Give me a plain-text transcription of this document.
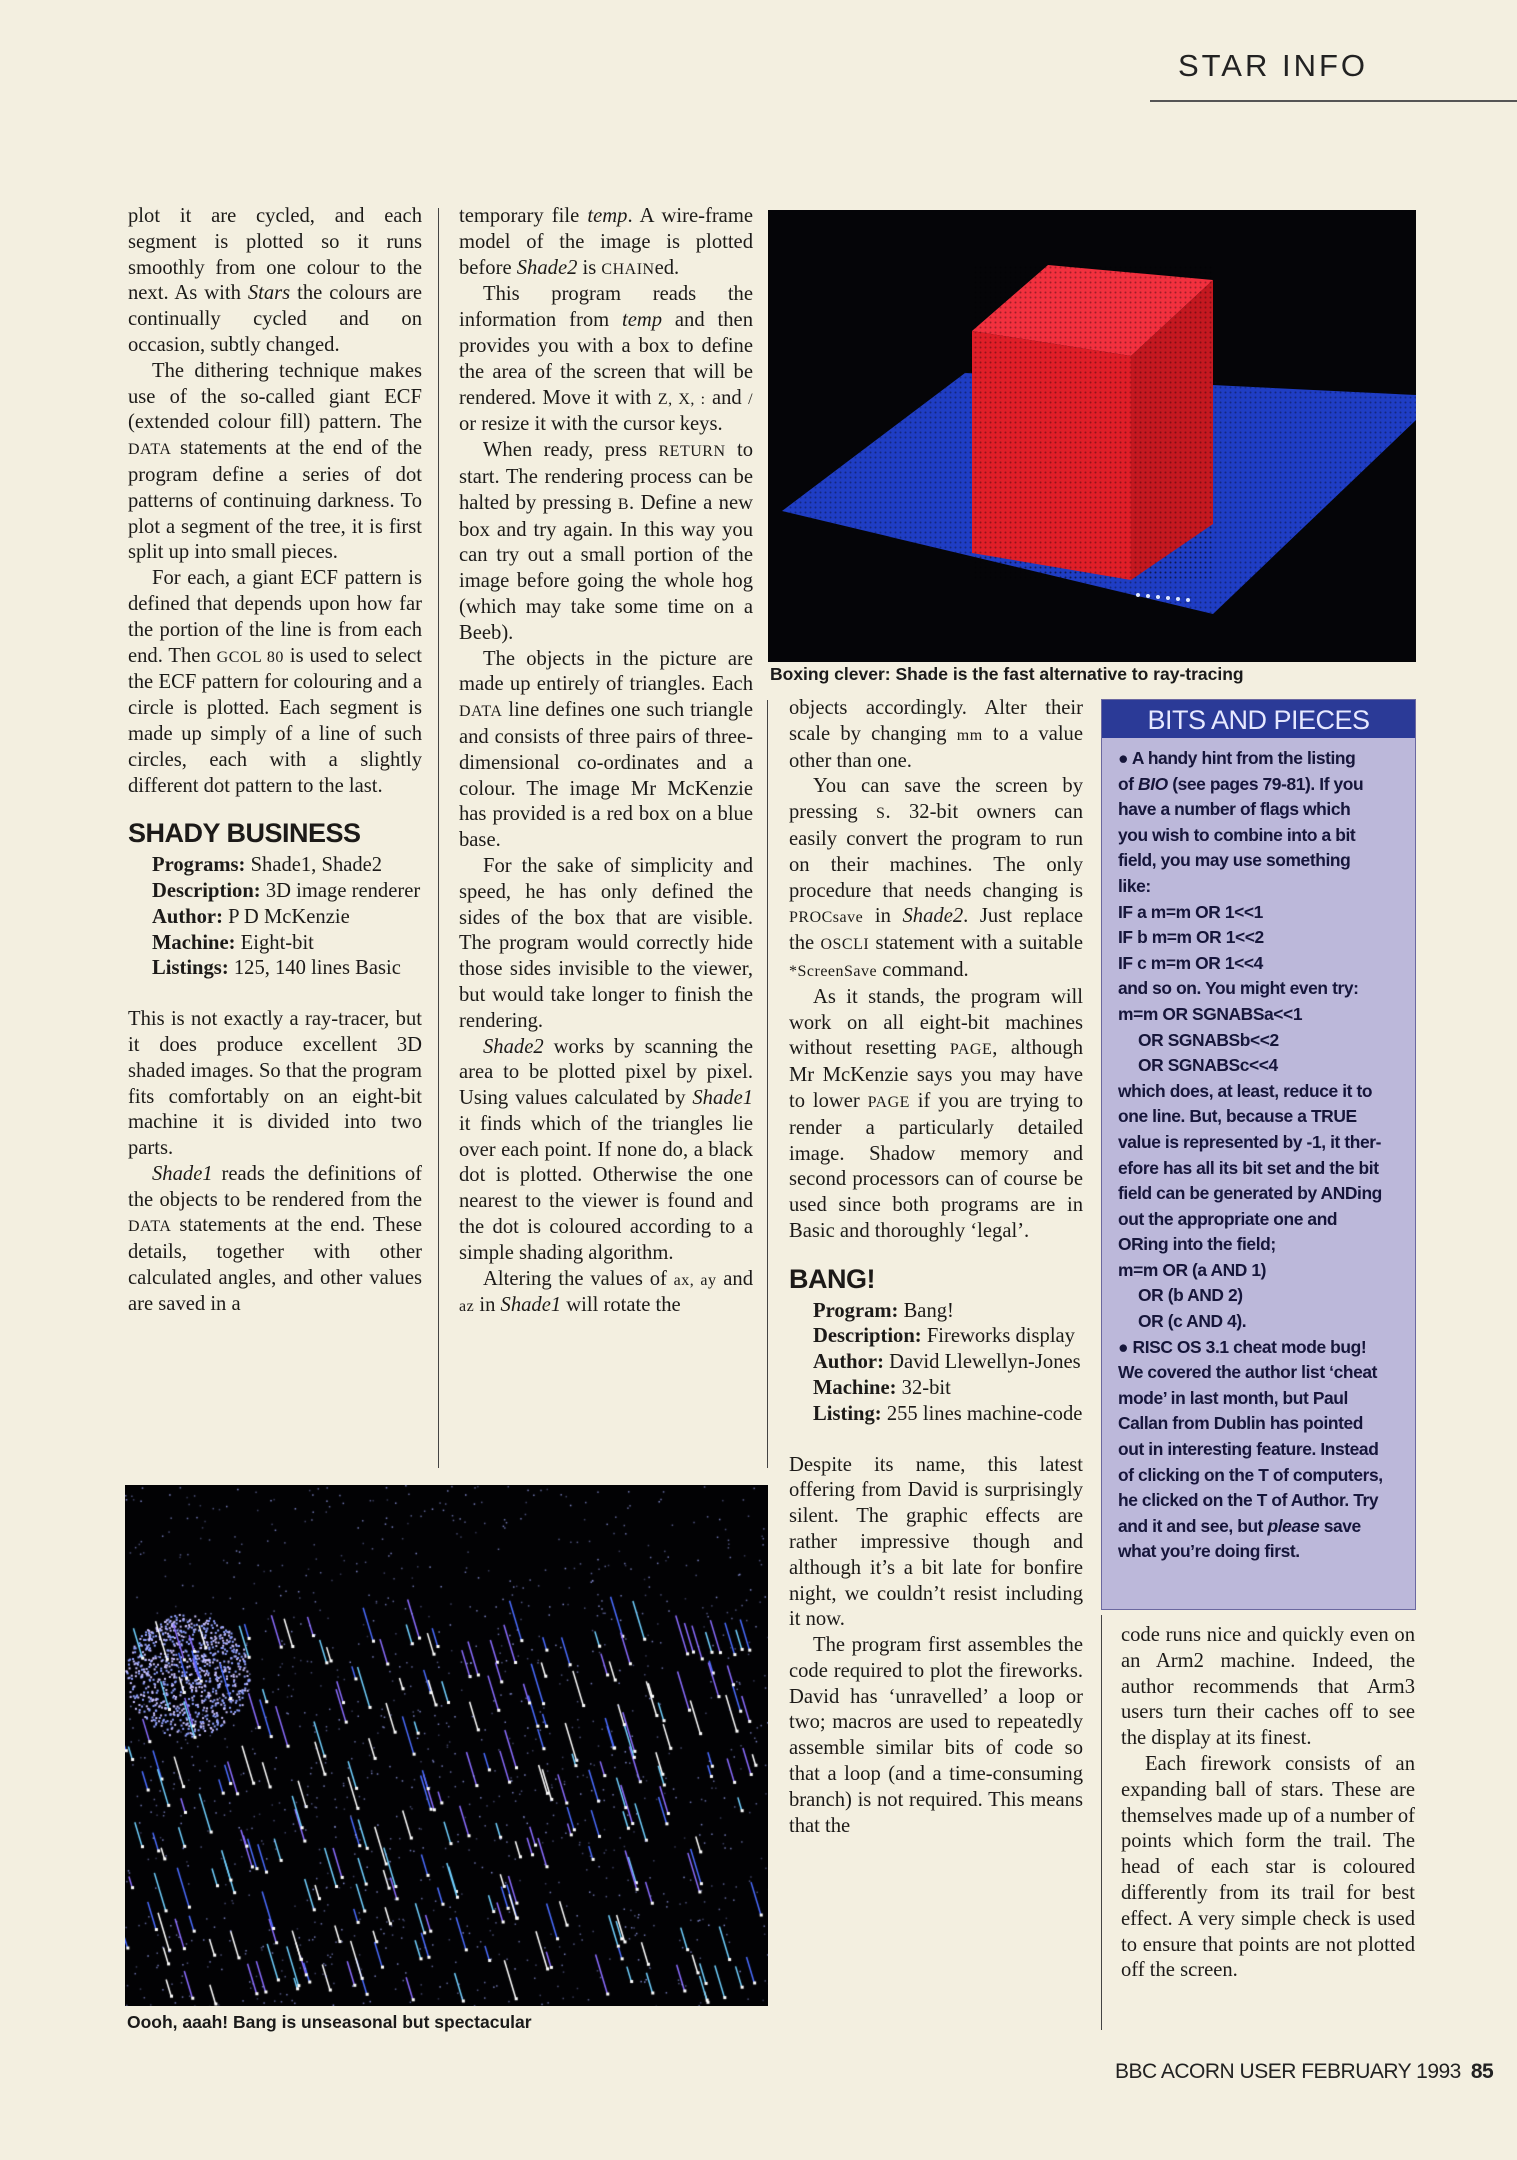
STAR INFO

plot it are cycled, and each segment is plotted so it runs smoothly from one colour to the next. As with Stars the colours are continually cycled and on occasion, subtly changed.

The dithering technique makes use of the so-called giant ECF (extended colour fill) pattern. The DATA statements at the end of the program define a series of dot patterns of continuing darkness. To plot a segment of the tree, it is first split up into small pieces.

For each, a giant ECF pattern is defined that depends upon how far the portion of the line is from each end. Then GCOL 80 is used to select the ECF pattern for colouring and a circle is plotted. Each segment is made up simply of a line of such circles, each with a slightly different dot pattern to the last.

SHADY BUSINESS

Programs: Shade1, Shade2

Description: 3D image renderer

Author: P D McKenzie

Machine: Eight-bit

Listings: 125, 140 lines Basic

This is not exactly a ray-tracer, but it does produce excellent 3D shaded images. So that the program fits comfortably on an eight-bit machine it is divided into two parts.

Shade1 reads the definitions of the objects to be rendered from the DATA statements at the end. These details, together with other calculated angles, and other values are saved in a

temporary file temp. A wire-frame model of the image is plotted before Shade2 is CHAINed.

This program reads the information from temp and then provides you with a box to define the area of the screen that will be rendered. Move it with Z, X, : and / or resize it with the cursor keys.

When ready, press RETURN to start. The rendering process can be halted by pressing B. Define a new box and try again. In this way you can try out a small portion of the image before going the whole hog (which may take some time on a Beeb).

The objects in the picture are made up entirely of triangles. Each DATA line defines one such triangle and consists of three pairs of three-dimensional co-ordinates and a colour. The image Mr McKenzie has provided is a red box on a blue base.

For the sake of simplicity and speed, he has only defined the sides of the box that are visible. The program would correctly hide those sides invisible to the viewer, but would take longer to finish the rendering.

Shade2 works by scanning the area to be plotted pixel by pixel. Using values calculated by Shade1 it finds which of the triangles lie over each point. If none do, a black dot is plotted. Otherwise the one nearest to the viewer is found and the dot is coloured according to a simple shading algorithm.

Altering the values of ax, ay and az in Shade1 will rotate the

Boxing clever: Shade is the fast alternative to ray-tracing

objects accordingly. Alter their scale by changing mm to a value other than one.

You can save the screen by pressing S. 32-bit owners can easily convert the program to run on their machines. The only procedure that needs changing is PROCsave in Shade2. Just replace the OSCLI statement with a suitable *ScreenSave command.

As it stands, the program will work on all eight-bit machines without resetting PAGE, although Mr McKenzie says you may have to lower PAGE if you are trying to render a particularly detailed image. Shadow memory and second processors can of course be used since both programs are in Basic and thoroughly ‘legal’.

BANG!

Program: Bang!

Description: Fireworks display

Author: David Llewellyn-Jones

Machine: 32-bit

Listing: 255 lines machine-code

Despite its name, this latest offering from David is surprisingly silent. The graphic effects are rather impressive though and although it’s a bit late for bonfire night, we couldn’t resist including it now.

The program first assembles the code required to plot the fireworks. David has ‘unravelled’ a loop or two; macros are used to repeatedly assemble similar bits of code so that a loop (and a time-consuming branch) is not required. This means that the

BITS AND PIECES
● A handy hint from the listing
of BIO (see pages 79-81). If you
have a number of flags which
you wish to combine into a bit
field, you may use something
like:
IF a m=m OR 1<<1
IF b m=m OR 1<<2
IF c m=m OR 1<<4
and so on. You might even try:
m=m OR SGNABSa<<1
OR SGNABSb<<2
OR SGNABSc<<4
which does, at least, reduce it to
one line. But, because a TRUE
value is represented by -1, it ther-
efore has all its bit set and the bit
field can be generated by ANDing
out the appropriate one and
ORing into the field;
m=m OR (a AND 1)
OR (b AND 2)
OR (c AND 4).
● RISC OS 3.1 cheat mode bug!
We covered the author list ‘cheat
mode’ in last month, but Paul
Callan from Dublin has pointed
out in interesting feature. Instead
of clicking on the T of computers,
he clicked on the T of Author. Try
and it and see, but please save
what you’re doing first.

code runs nice and quickly even on an Arm2 machine. Indeed, the author recommends that Arm3 users turn their caches off to see the display at its finest.

Each firework consists of an expanding ball of stars. These are themselves made up of a number of points which form the trail. The head of each star is coloured differently from its trail for best effect. A very simple check is used to ensure that points are not plotted off the screen.

Oooh, aaah! Bang is unseasonal but spectacular
BBC ACORN USER FEBRUARY 1993 85
